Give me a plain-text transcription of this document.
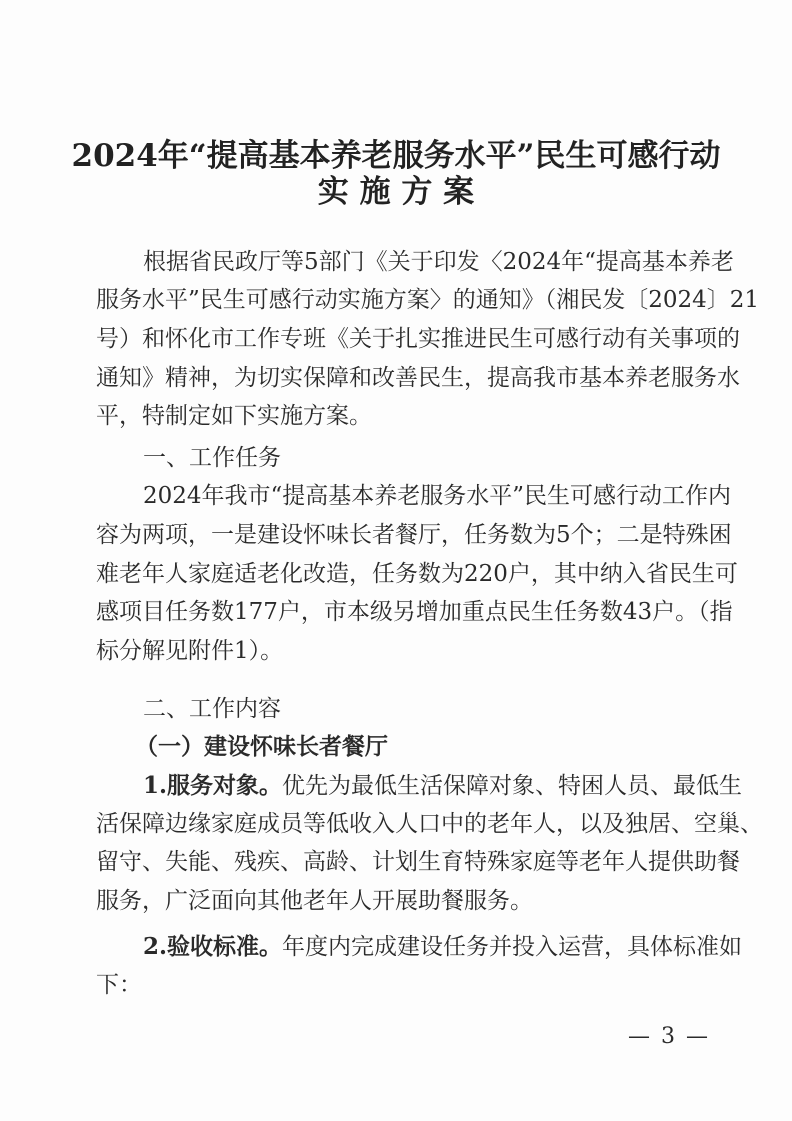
2024年“提高基本养老服务水平”民生可感行动
实 施 方 案
根据省民政厅等5部门《关于印发〈2024年“提高基本养老
服务水平”民生可感行动实施方案〉的通知》（湘民发〔2024〕21
号）和怀化市工作专班《关于扎实推进民生可感行动有关事项的
通知》精神，为切实保障和改善民生，提高我市基本养老服务水
平，特制定如下实施方案。
一、工作任务
2024年我市“提高基本养老服务水平”民生可感行动工作内
容为两项，一是建设怀味长者餐厅，任务数为5个；二是特殊困
难老年人家庭适老化改造，任务数为220户，其中纳入省民生可
感项目任务数177户，市本级另增加重点民生任务数43户。（指
标分解见附件1）。
二、工作内容
（一）建设怀味长者餐厅
1.服务对象。 优先为最低生活保障对象、特困人员、最低生
活保障边缘家庭成员等低收入人口中的老年人，以及独居、空巢、
留守、失能、残疾、高龄、计划生育特殊家庭等老年人提供助餐
服务，广泛面向其他老年人开展助餐服务。
2.验收标准。 年度内完成建设任务并投入运营，具体标准如
下：
— 3 —
